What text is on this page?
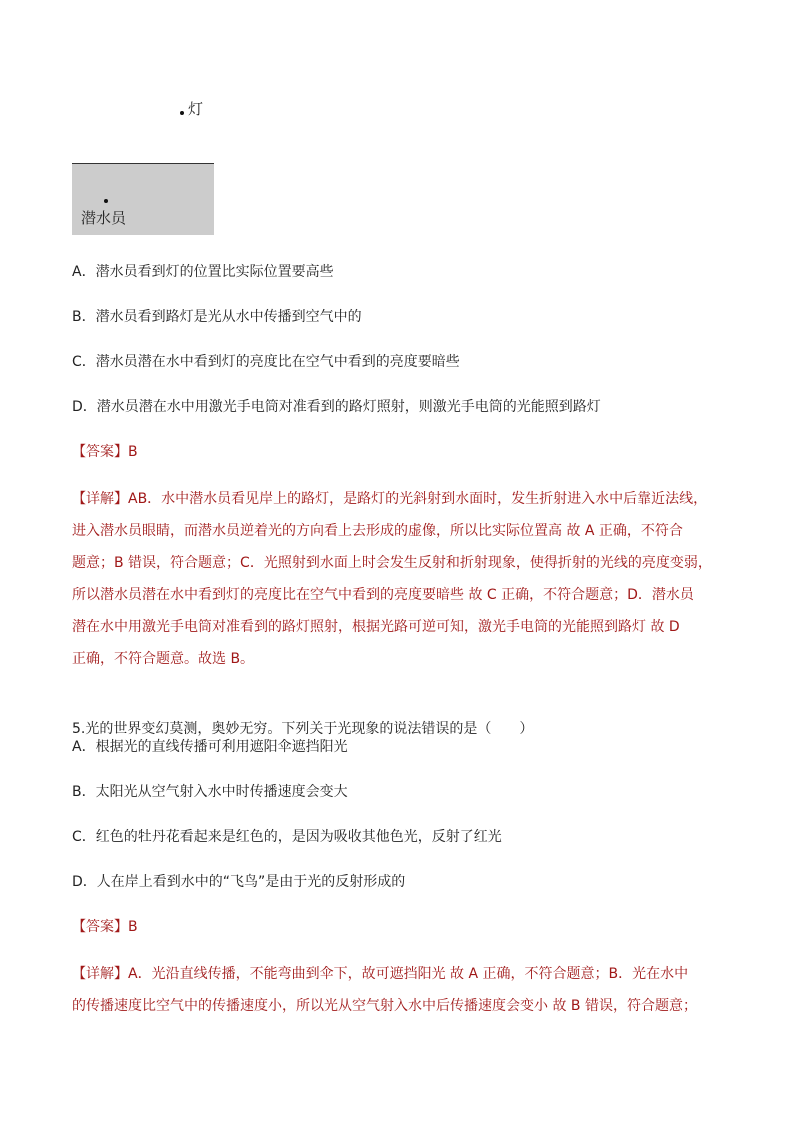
灯
潜水员
A．潜水员看到灯的位置比实际位置要高些
B．潜水员看到路灯是光从水中传播到空气中的
C．潜水员潜在水中看到灯的亮度比在空气中看到的亮度要暗些
D．潜水员潜在水中用激光手电筒对准看到的路灯照射，则激光手电筒的光能照到路灯
【答案】B
【详解】AB．水中潜水员看见岸上的路灯，是路灯的光斜射到水面时，发生折射进入水中后靠近法线，
进入潜水员眼睛，而潜水员逆着光的方向看上去形成的虚像，所以比实际位置高 故 A 正确，不符合
题意；B 错误，符合题意；C．光照射到水面上时会发生反射和折射现象，使得折射的光线的亮度变弱，
所以潜水员潜在水中看到灯的亮度比在空气中看到的亮度要暗些 故 C 正确，不符合题意；D．潜水员
潜在水中用激光手电筒对准看到的路灯照射，根据光路可逆可知，激光手电筒的光能照到路灯 故 D
正确，不符合题意。故选 B。
5.光的世界变幻莫测，奥妙无穷。下列关于光现象的说法错误的是（　　）
A．根据光的直线传播可利用遮阳伞遮挡阳光
B．太阳光从空气射入水中时传播速度会变大
C．红色的牡丹花看起来是红色的，是因为吸收其他色光，反射了红光
D．人在岸上看到水中的“飞鸟”是由于光的反射形成的
【答案】B
【详解】A．光沿直线传播，不能弯曲到伞下，故可遮挡阳光 故 A 正确，不符合题意；B．光在水中
的传播速度比空气中的传播速度小，所以光从空气射入水中后传播速度会变小 故 B 错误，符合题意；
